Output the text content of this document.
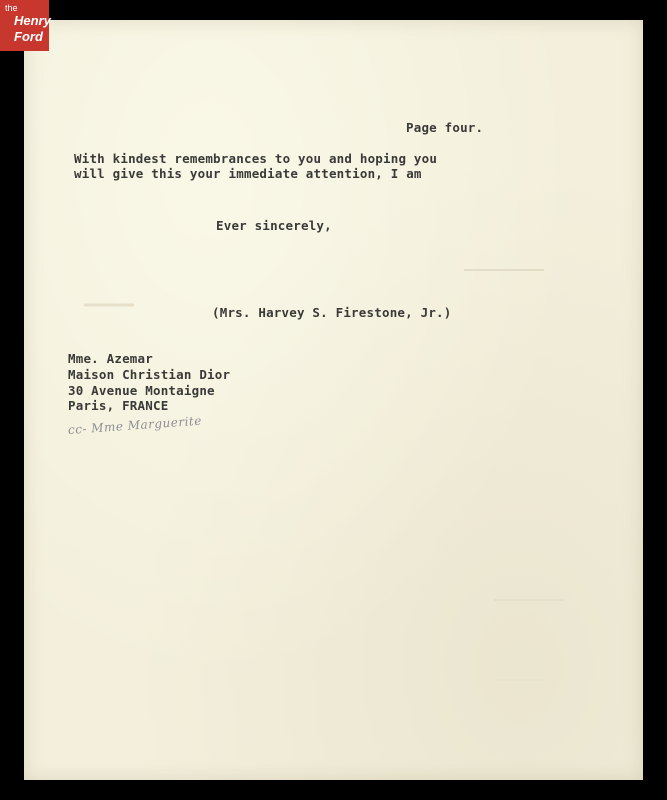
Page four.

With kindest remembrances to you and hoping you

will give this your immediate attention, I am

Ever sincerely,

(Mrs. Harvey S. Firestone, Jr.)

Mme. Azemar

Maison Christian Dior

30 Avenue Montaigne

Paris, FRANCE

cc- Mme Marguerite
the
Henry
Ford
